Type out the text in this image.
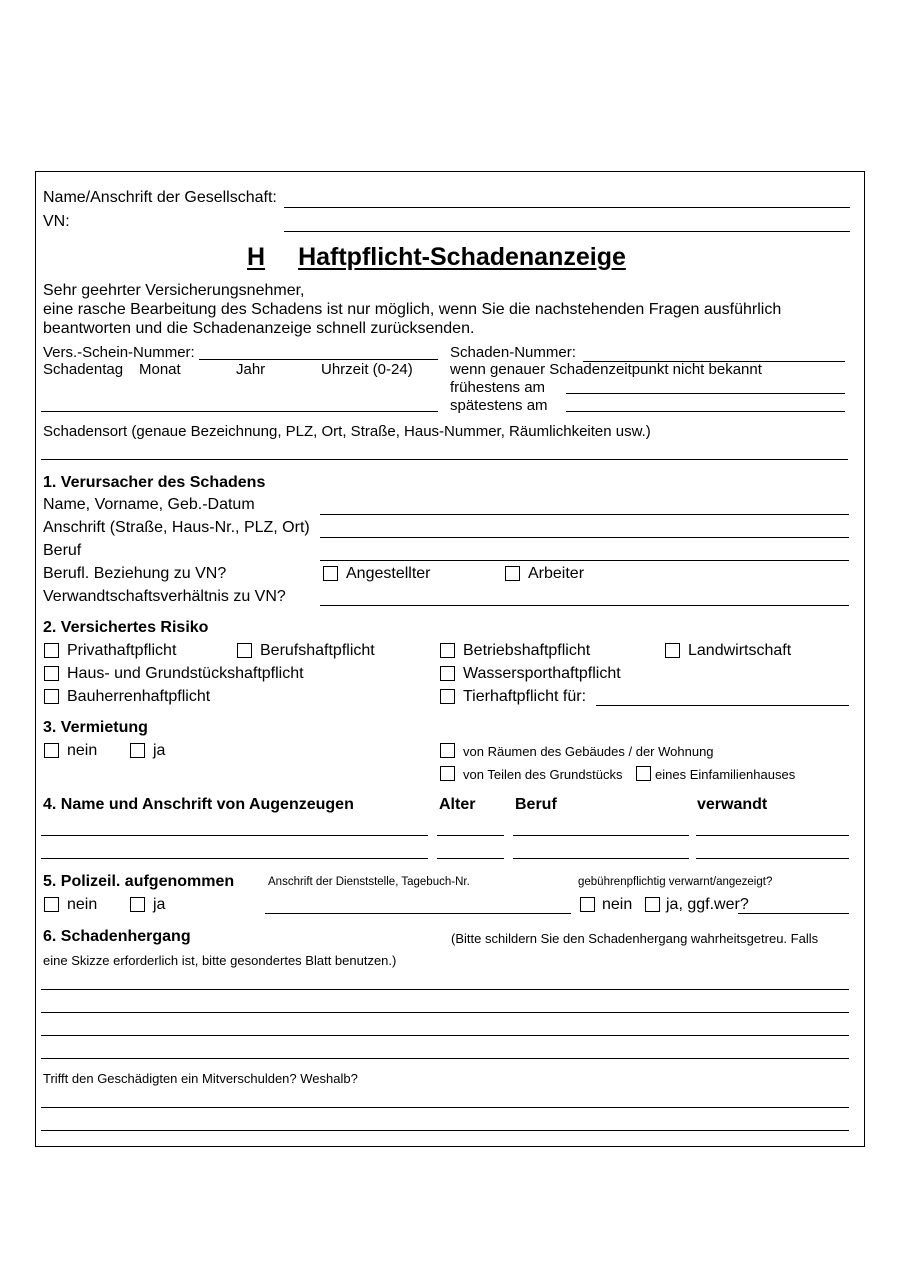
Name/Anschrift der Gesellschaft:
VN:
H Haftpflicht-Schadenanzeige
Sehr geehrter Versicherungsnehmer,
eine rasche Bearbeitung des Schadens ist nur möglich, wenn Sie die nachstehenden Fragen ausführlich
beantworten und die Schadenanzeige schnell zurücksenden.
Vers.-Schein-Nummer:
Schadentag Monat	Jahr	Uhrzeit (0-24)
Schaden-Nummer:
wenn genauer Schadenzeitpunkt nicht bekannt
frühestens am
spätestens am
Schadensort (genaue Bezeichnung, PLZ, Ort, Straße, Haus-Nummer, Räumlichkeiten usw.)
1. Verursacher des Schadens
Name, Vorname, Geb.-Datum
Anschrift (Straße, Haus-Nr., PLZ, Ort)
Beruf
Berufl. Beziehung zu VN?	Angestellter	Arbeiter
Verwandtschaftsverhältnis zu VN?
2. Versichertes Risiko
Privathaftpflicht	Berufshaftpflicht	Betriebshaftpflicht	Landwirtschaft
Haus- und Grundstückshaftpflicht	Wassersporthaftpflicht
Bauherrenhaftpflicht	Tierhaftpflicht für:
3. Vermietung
nein	ja	von Räumen des Gebäudes / der Wohnung
von Teilen des Grundstücks	eines Einfamilienhauses
4. Name und Anschrift von Augenzeugen	Alter Beruf	verwandt
5. Polizeil. aufgenommen	Anschrift der Dienststelle, Tagebuch-Nr.	gebührenpflichtig verwarnt/angezeigt?
nein	ja	nein ja, ggf.wer?
6. Schadenhergang	(Bitte schildern Sie den Schadenhergang wahrheitsgetreu. Falls
eine Skizze erforderlich ist, bitte gesondertes Blatt benutzen.)
Trifft den Geschädigten ein Mitverschulden? Weshalb?
